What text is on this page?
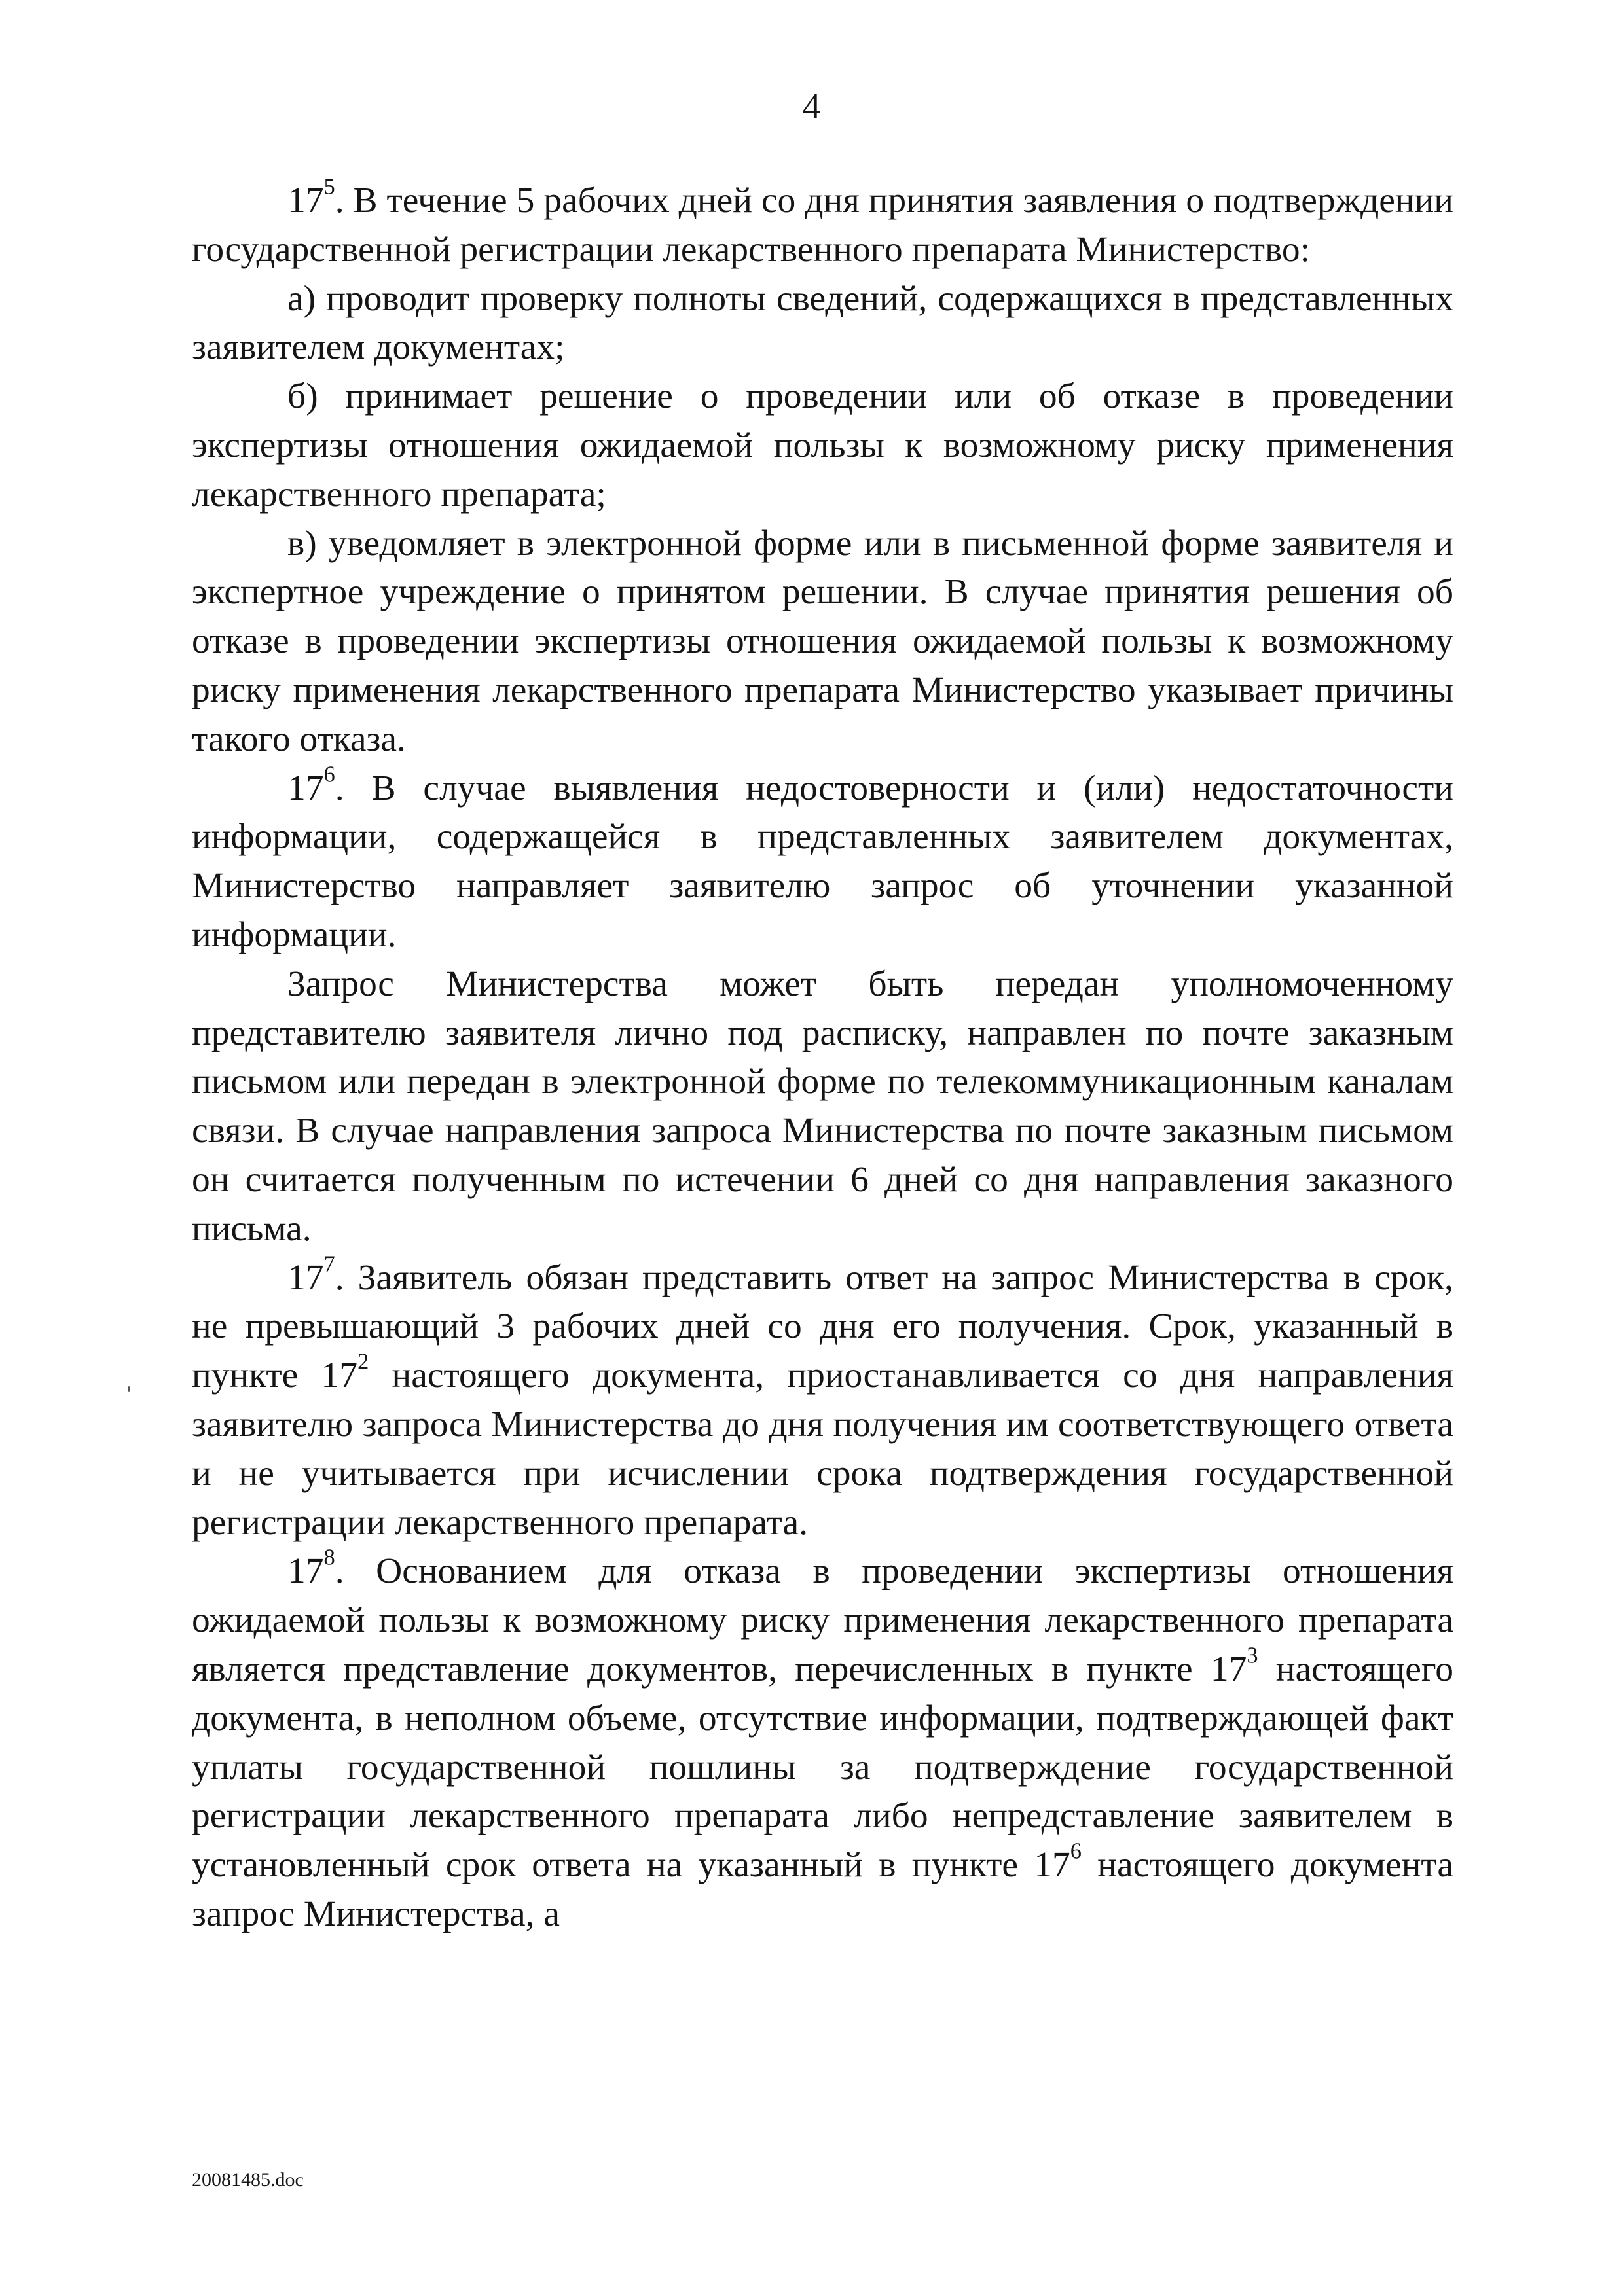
4

$17^5$. В течение 5 рабочих дней со дня принятия заявления о подтверждении государственной регистрации лекарственного препарата Министерство:

а) проводит проверку полноты сведений, содержащихся в представленных заявителем документах;

б) принимает решение о проведении или об отказе в проведении экспертизы отношения ожидаемой пользы к возможному риску применения лекарственного препарата;

в) уведомляет в электронной форме или в письменной форме заявителя и экспертное учреждение о принятом решении. В случае принятия решения об отказе в проведении экспертизы отношения ожидаемой пользы к возможному риску применения лекарственного препарата Министерство указывает причины такого отказа.

$17^6$. В случае выявления недостоверности и (или) недостаточности информации, содержащейся в представленных заявителем документах, Министерство направляет заявителю запрос об уточнении указанной информации.

Запрос Министерства может быть передан уполномоченному представителю заявителя лично под расписку, направлен по почте заказным письмом или передан в электронной форме по телекоммуникационным каналам связи. В случае направления запроса Министерства по почте заказным письмом он считается полученным по истечении 6 дней со дня направления заказного письма.

$17^7$. Заявитель обязан представить ответ на запрос Министерства в срок, не превышающий 3 рабочих дней со дня его получения. Срок, указанный в пункте $17^2$ настоящего документа, приостанавливается со дня направления заявителю запроса Министерства до дня получения им соответствующего ответа и не учитывается при исчислении срока подтверждения государственной регистрации лекарственного препарата.

$17^8$. Основанием для отказа в проведении экспертизы отношения ожидаемой пользы к возможному риску применения лекарственного препарата является представление документов, перечисленных в пункте $17^3$ настоящего документа, в неполном объеме, отсутствие информации, подтверждающей факт уплаты государственной пошлины за подтверждение государственной регистрации лекарственного препарата либо непредставление заявителем в установленный срок ответа на указанный в пункте $17^6$ настоящего документа запрос Министерства, а

20081485.doc
